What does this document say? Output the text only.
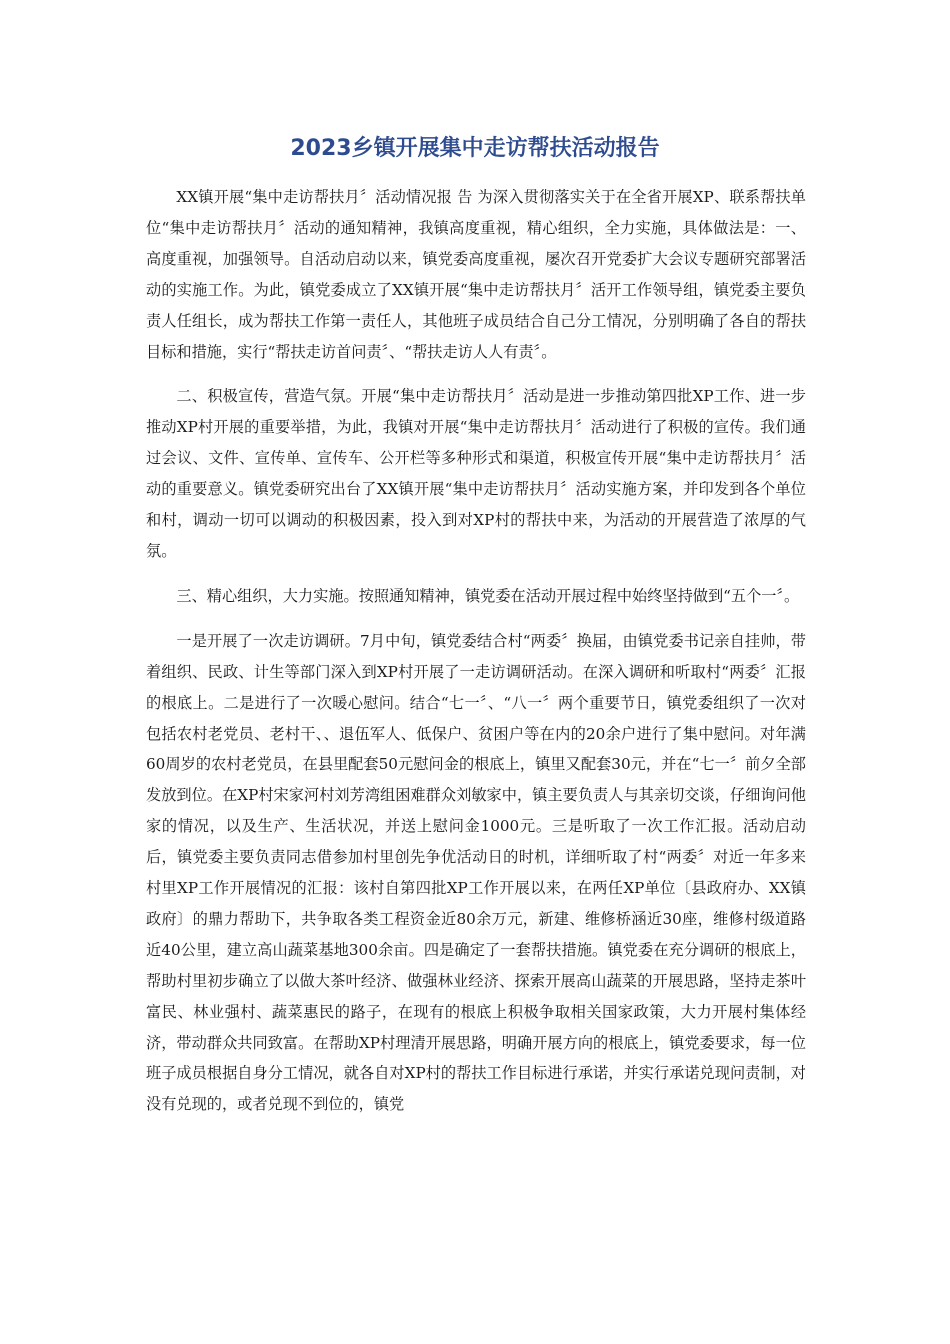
2023乡镇开展集中走访帮扶活动报告

XX镇开展“集中走访帮扶月〞活动情况报 告 为深入贯彻落实关于在全省开展XP、联系帮扶单位“集中走访帮扶月〞活动的通知精神，我镇高度重视，精心组织，全力实施，具体做法是：一、高度重视，加强领导。自活动启动以来，镇党委高度重视，屡次召开党委扩大会议专题研究部署活动的实施工作。为此，镇党委成立了XX镇开展“集中走访帮扶月〞活开工作领导组，镇党委主要负责人任组长，成为帮扶工作第一责任人，其他班子成员结合自己分工情况，分别明确了各自的帮扶目标和措施，实行“帮扶走访首问责〞、“帮扶走访人人有责〞。

二、积极宣传，营造气氛。开展“集中走访帮扶月〞活动是进一步推动第四批XP工作、进一步推动XP村开展的重要举措，为此，我镇对开展“集中走访帮扶月〞活动进行了积极的宣传。我们通过会议、文件、宣传单、宣传车、公开栏等多种形式和渠道，积极宣传开展“集中走访帮扶月〞活动的重要意义。镇党委研究出台了XX镇开展“集中走访帮扶月〞活动实施方案，并印发到各个单位和村，调动一切可以调动的积极因素，投入到对XP村的帮扶中来，为活动的开展营造了浓厚的气氛。

三、精心组织，大力实施。按照通知精神，镇党委在活动开展过程中始终坚持做到“五个一〞。

一是开展了一次走访调研。7月中旬，镇党委结合村“两委〞换届，由镇党委书记亲自挂帅，带着组织、民政、计生等部门深入到XP村开展了一走访调研活动。在深入调研和听取村“两委〞汇报的根底上。二是进行了一次暖心慰问。结合“七一〞、“八一〞两个重要节日，镇党委组织了一次对包括农村老党员、老村干、、退伍军人、低保户、贫困户等在内的20余户进行了集中慰问。对年满60周岁的农村老党员，在县里配套50元慰问金的根底上，镇里又配套30元，并在“七一〞前夕全部发放到位。在XP村宋家河村刘芳湾组困难群众刘敏家中，镇主要负责人与其亲切交谈，仔细询问他家的情况，以及生产、生活状况，并送上慰问金1000元。三是听取了一次工作汇报。活动启动后，镇党委主要负责同志借参加村里创先争优活动日的时机，详细听取了村“两委〞对近一年多来村里XP工作开展情况的汇报：该村自第四批XP工作开展以来，在两任XP单位〔县政府办、XX镇政府〕的鼎力帮助下，共争取各类工程资金近80余万元，新建、维修桥涵近30座，维修村级道路近40公里，建立高山蔬菜基地300余亩。四是确定了一套帮扶措施。镇党委在充分调研的根底上，帮助村里初步确立了以做大茶叶经济、做强林业经济、探索开展高山蔬菜的开展思路，坚持走茶叶富民、林业强村、蔬菜惠民的路子，在现有的根底上积极争取相关国家政策，大力开展村集体经济，带动群众共同致富。在帮助XP村理清开展思路，明确开展方向的根底上，镇党委要求，每一位班子成员根据自身分工情况，就各自对XP村的帮扶工作目标进行承诺，并实行承诺兑现问责制，对没有兑现的，或者兑现不到位的，镇党
